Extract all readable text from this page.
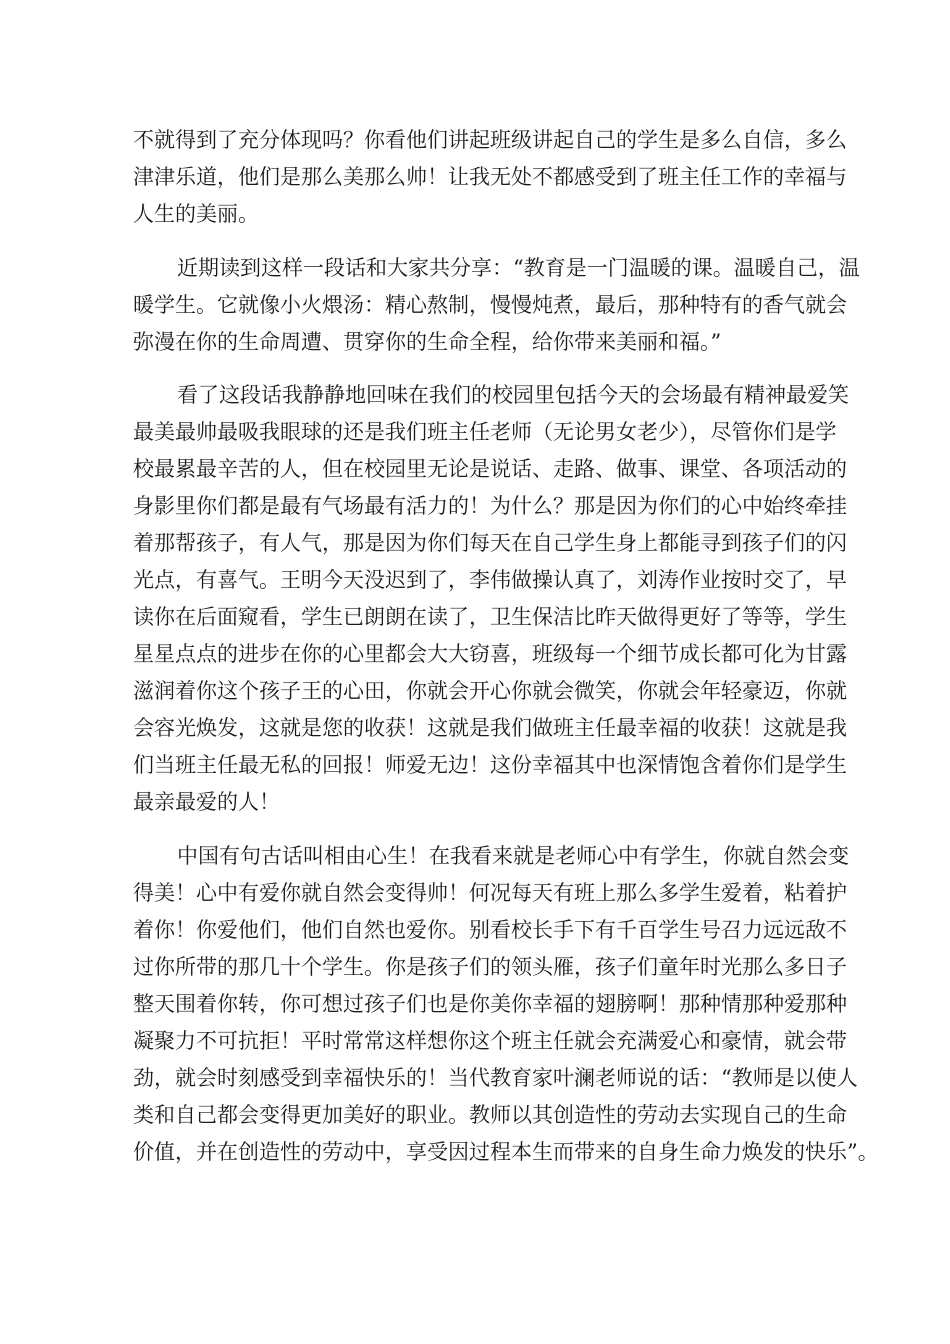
不就得到了充分体现吗？你看他们讲起班级讲起自己的学生是多么自信，多么
津津乐道，他们是那么美那么帅！让我无处不都感受到了班主任工作的幸福与
人生的美丽。
近期读到这样一段话和大家共分享：“教育是一门温暖的课。温暖自己，温
暖学生。它就像小火煨汤：精心熬制，慢慢炖煮，最后，那种特有的香气就会
弥漫在你的生命周遭、贯穿你的生命全程，给你带来美丽和福。”
看了这段话我静静地回味在我们的校园里包括今天的会场最有精神最爱笑
最美最帅最吸我眼球的还是我们班主任老师（无论男女老少），尽管你们是学
校最累最辛苦的人，但在校园里无论是说话、走路、做事、课堂、各项活动的
身影里你们都是最有气场最有活力的！为什么？那是因为你们的心中始终牵挂
着那帮孩子，有人气，那是因为你们每天在自己学生身上都能寻到孩子们的闪
光点，有喜气。王明今天没迟到了，李伟做操认真了，刘涛作业按时交了，早
读你在后面窥看，学生已朗朗在读了，卫生保洁比昨天做得更好了等等，学生
星星点点的进步在你的心里都会大大窃喜，班级每一个细节成长都可化为甘露
滋润着你这个孩子王的心田，你就会开心你就会微笑，你就会年轻豪迈，你就
会容光焕发，这就是您的收获！这就是我们做班主任最幸福的收获！这就是我
们当班主任最无私的回报！师爱无边！这份幸福其中也深情饱含着你们是学生
最亲最爱的人！
中国有句古话叫相由心生！在我看来就是老师心中有学生，你就自然会变
得美！心中有爱你就自然会变得帅！何况每天有班上那么多学生爱着，粘着护
着你！你爱他们，他们自然也爱你。别看校长手下有千百学生号召力远远敌不
过你所带的那几十个学生。你是孩子们的领头雁，孩子们童年时光那么多日子
整天围着你转，你可想过孩子们也是你美你幸福的翅膀啊！那种情那种爱那种
凝聚力不可抗拒！平时常常这样想你这个班主任就会充满爱心和豪情，就会带
劲，就会时刻感受到幸福快乐的！当代教育家叶澜老师说的话：“教师是以使人
类和自己都会变得更加美好的职业。教师以其创造性的劳动去实现自己的生命
价值，并在创造性的劳动中，享受因过程本生而带来的自身生命力焕发的快乐”。
